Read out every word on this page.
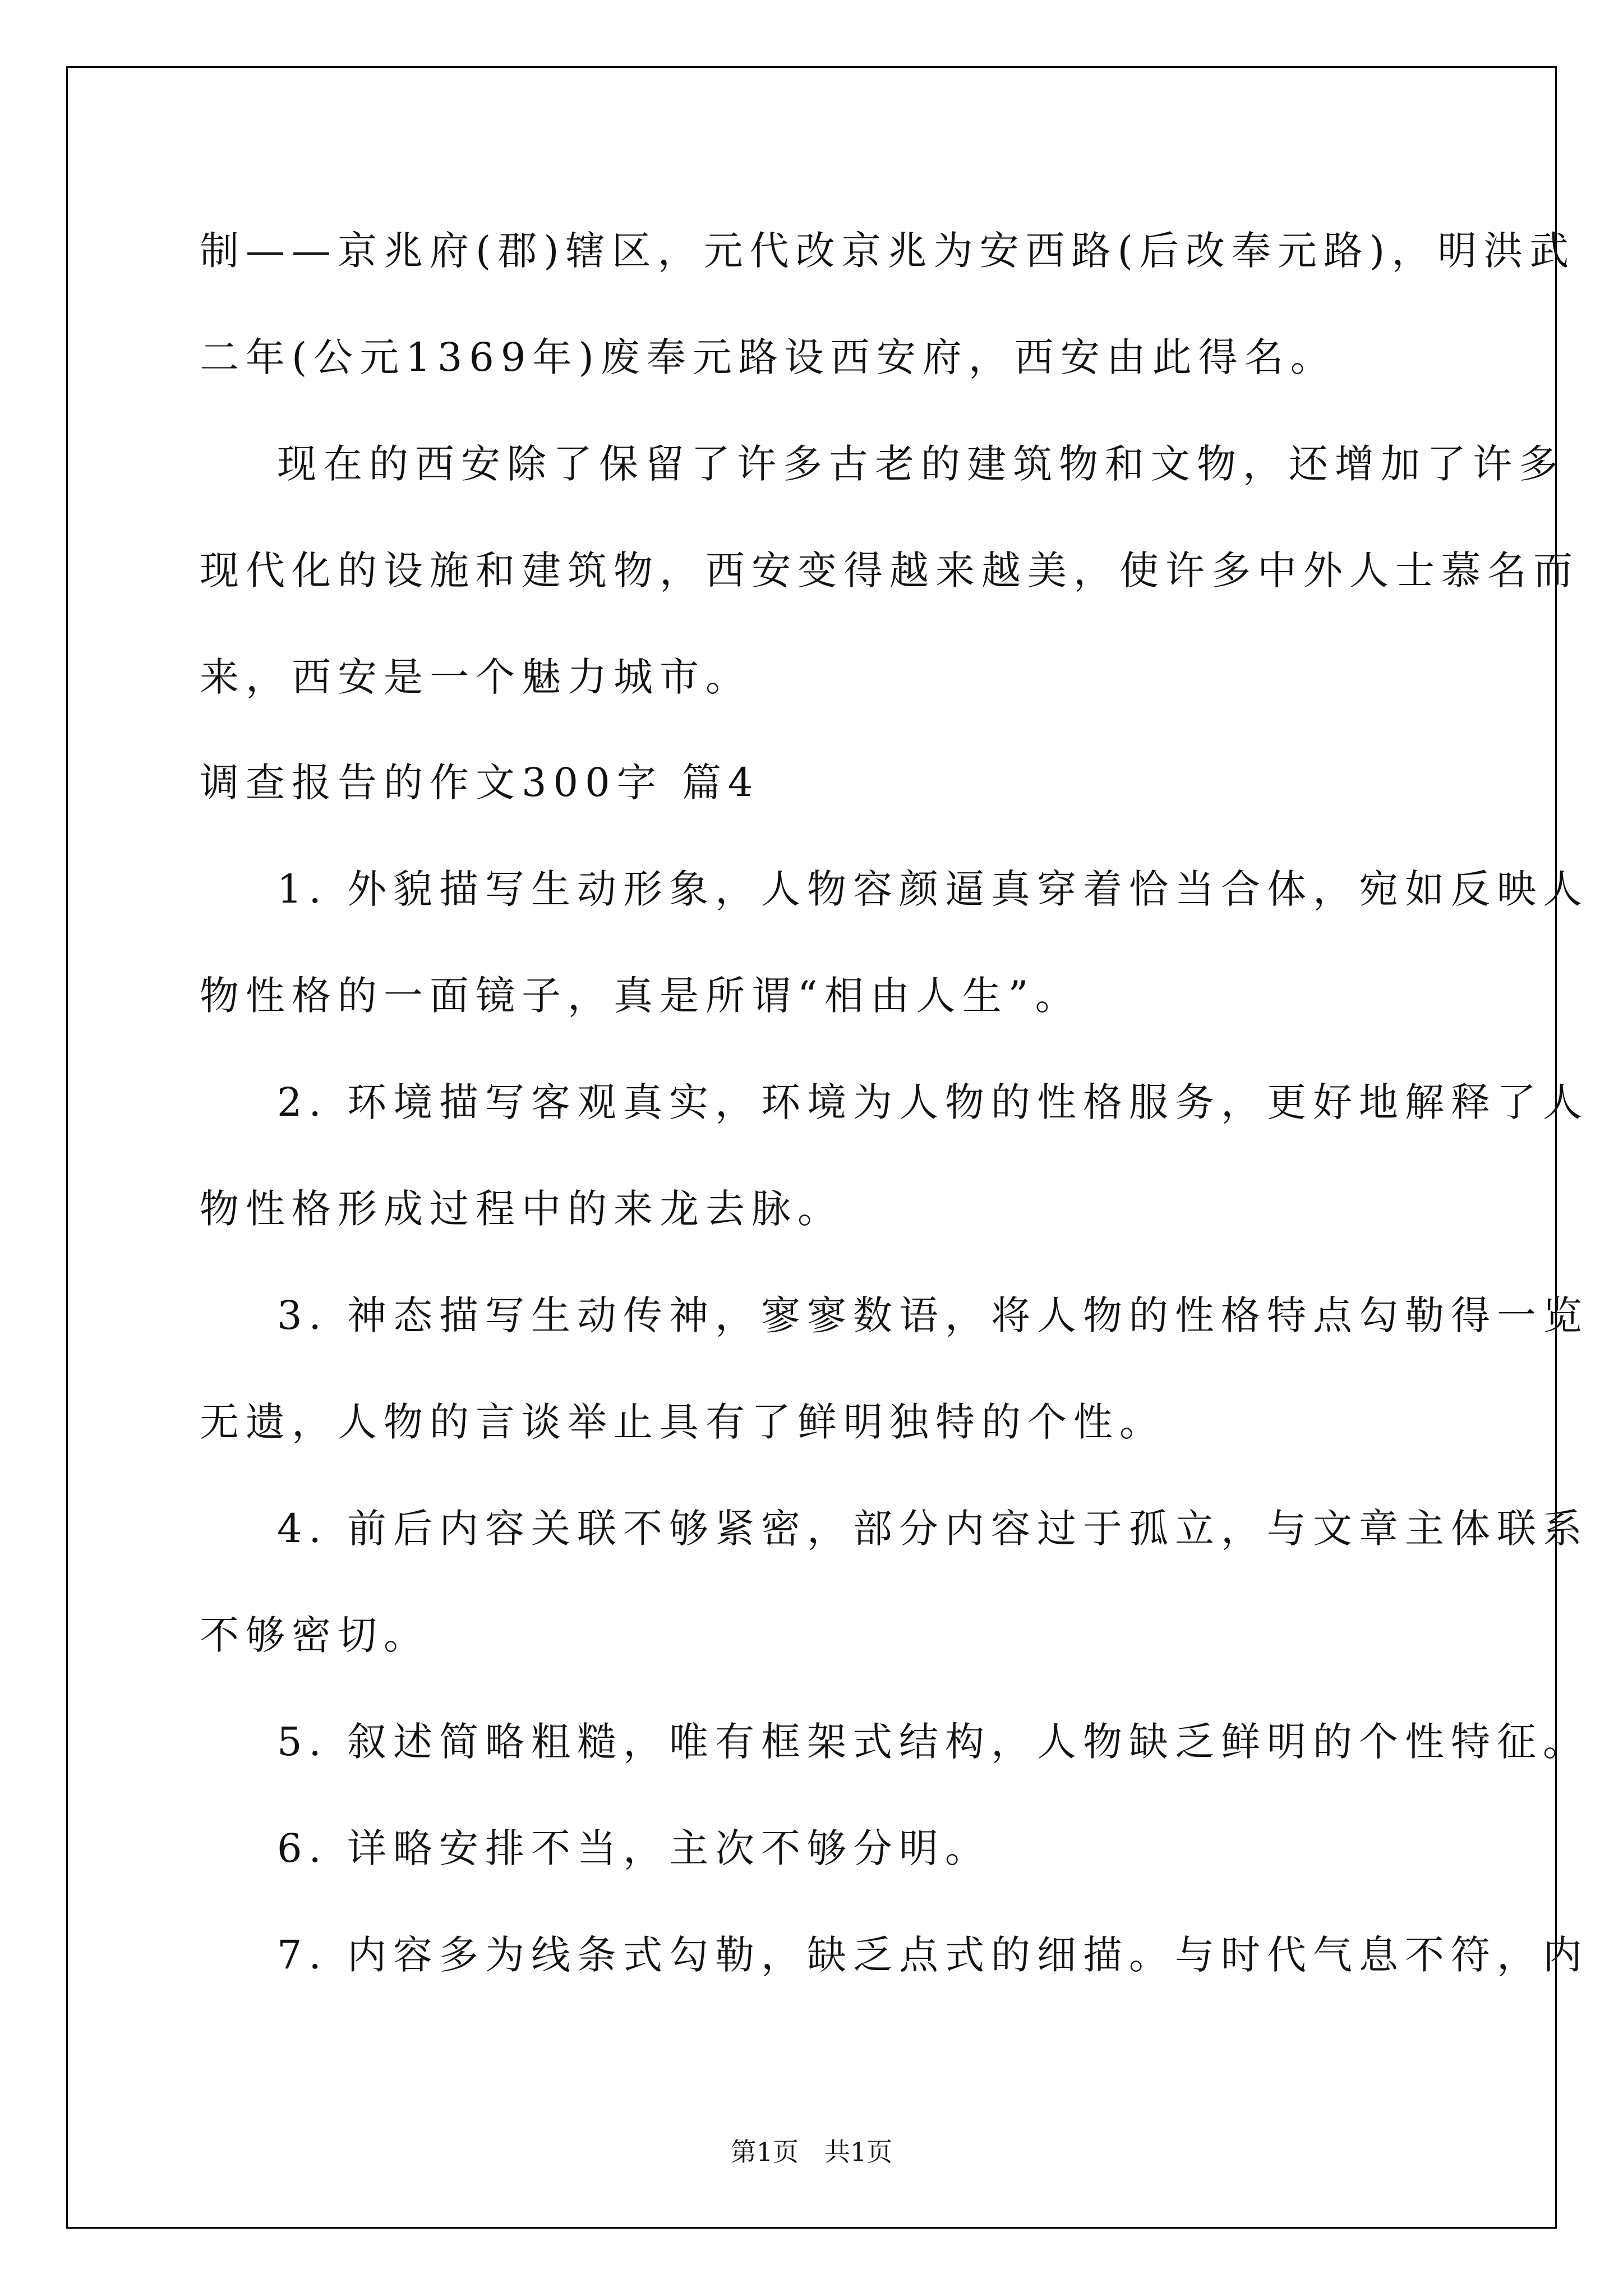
制——京兆府(郡)辖区，元代改京兆为安西路(后改奉元路)，明洪武

二年(公元1369年)废奉元路设西安府，西安由此得名。

现在的西安除了保留了许多古老的建筑物和文物，还增加了许多

现代化的设施和建筑物，西安变得越来越美，使许多中外人士慕名而

来，西安是一个魅力城市。

调查报告的作文300字 篇4

1. 外貌描写生动形象，人物容颜逼真穿着恰当合体，宛如反映人

物性格的一面镜子，真是所谓“相由人生”。

2. 环境描写客观真实，环境为人物的性格服务，更好地解释了人

物性格形成过程中的来龙去脉。

3. 神态描写生动传神，寥寥数语，将人物的性格特点勾勒得一览

无遗，人物的言谈举止具有了鲜明独特的个性。

4. 前后内容关联不够紧密，部分内容过于孤立，与文章主体联系

不够密切。

5. 叙述简略粗糙，唯有框架式结构，人物缺乏鲜明的个性特征。

6. 详略安排不当，主次不够分明。

7. 内容多为线条式勾勒，缺乏点式的细描。与时代气息不符，内

第1页　共1页
